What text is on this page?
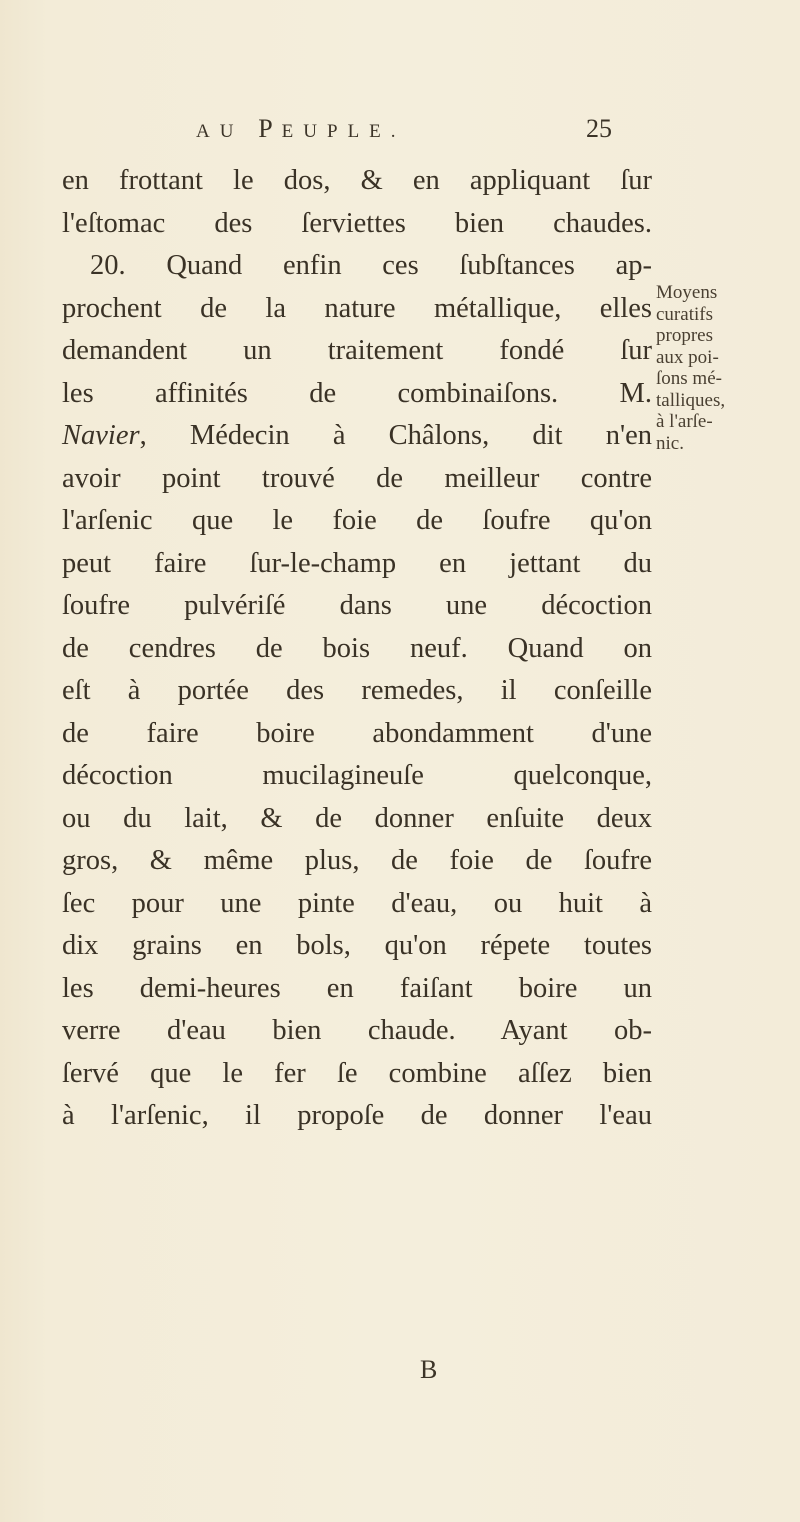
AU PEUPLE.	25
en frottant le dos, & en appliquant ſur
l'eſtomac des ſerviettes bien chaudes.
20. Quand enfin ces ſubſtances ap-
prochent de la nature métallique, elles
demandent un traitement fondé ſur
les affinités de combinaiſons. M.
Navier, Médecin à Châlons, dit n'en
avoir point trouvé de meilleur contre
l'arſenic que le foie de ſoufre qu'on
peut faire ſur-le-champ en jettant du
ſoufre pulvériſé dans une décoction
de cendres de bois neuf. Quand on
eſt à portée des remedes, il conſeille
de faire boire abondamment d'une
décoction mucilagineuſe quelconque,
ou du lait, & de donner enſuite deux
gros, & même plus, de foie de ſoufre
ſec pour une pinte d'eau, ou huit à
dix grains en bols, qu'on répete toutes
les demi-heures en faiſant boire un
verre d'eau bien chaude. Ayant ob-
ſervé que le fer ſe combine aſſez bien
à l'arſenic, il propoſe de donner l'eau
Moyens
curatifs
propres
aux poi-
ſons mé-
talliques,
à l'arſe-
nic.
B
